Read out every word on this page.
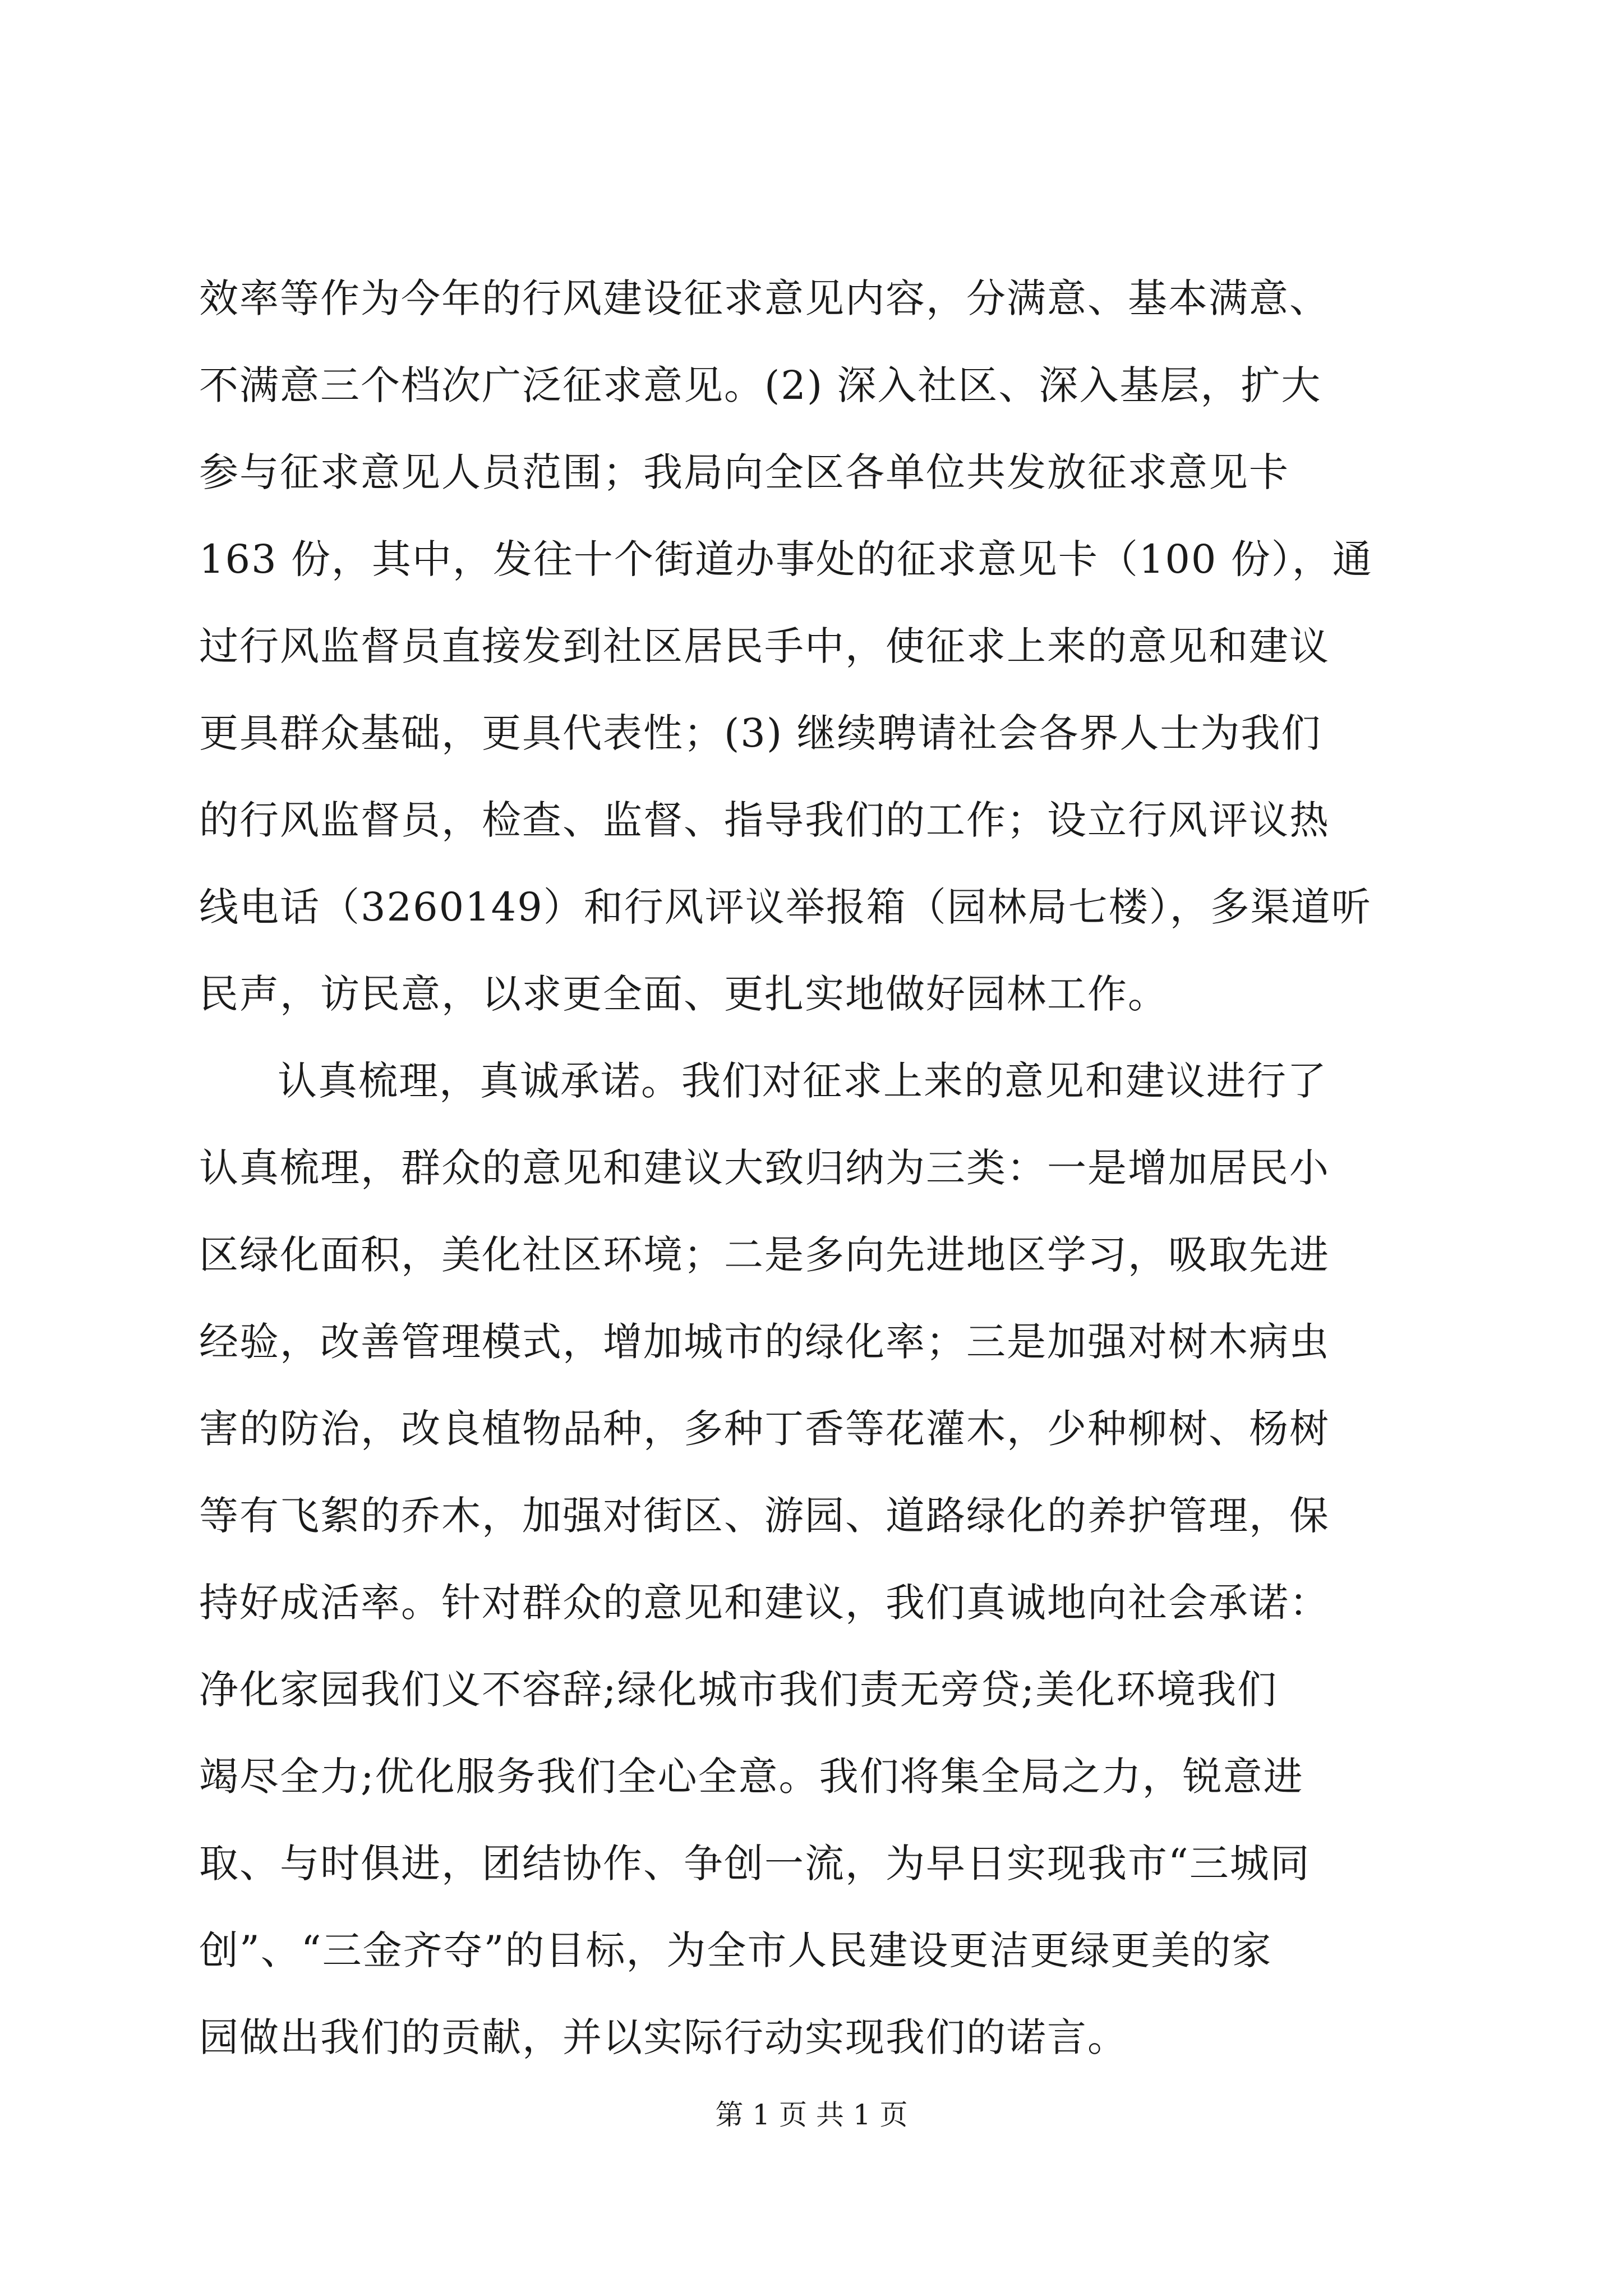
效率等作为今年的行风建设征求意见内容，分满意、基本满意、
不满意三个档次广泛征求意见。(2) 深入社区、深入基层，扩大
参与征求意见人员范围；我局向全区各单位共发放征求意见卡
163 份，其中，发往十个街道办事处的征求意见卡（100 份），通
过行风监督员直接发到社区居民手中，使征求上来的意见和建议
更具群众基础，更具代表性；(3) 继续聘请社会各界人士为我们
的行风监督员，检查、监督、指导我们的工作；设立行风评议热
线电话（3260149）和行风评议举报箱（园林局七楼），多渠道听
民声，访民意，以求更全面、更扎实地做好园林工作。
认真梳理，真诚承诺。我们对征求上来的意见和建议进行了
认真梳理，群众的意见和建议大致归纳为三类：一是增加居民小
区绿化面积，美化社区环境；二是多向先进地区学习，吸取先进
经验，改善管理模式，增加城市的绿化率；三是加强对树木病虫
害的防治，改良植物品种，多种丁香等花灌木，少种柳树、杨树
等有飞絮的乔木，加强对街区、游园、道路绿化的养护管理，保
持好成活率。针对群众的意见和建议，我们真诚地向社会承诺：
净化家园我们义不容辞;绿化城市我们责无旁贷;美化环境我们
竭尽全力;优化服务我们全心全意。我们将集全局之力，锐意进
取、与时俱进，团结协作、争创一流，为早日实现我市“三城同
创”、“三金齐夺”的目标，为全市人民建设更洁更绿更美的家
园做出我们的贡献，并以实际行动实现我们的诺言。
第 1 页 共 1 页
